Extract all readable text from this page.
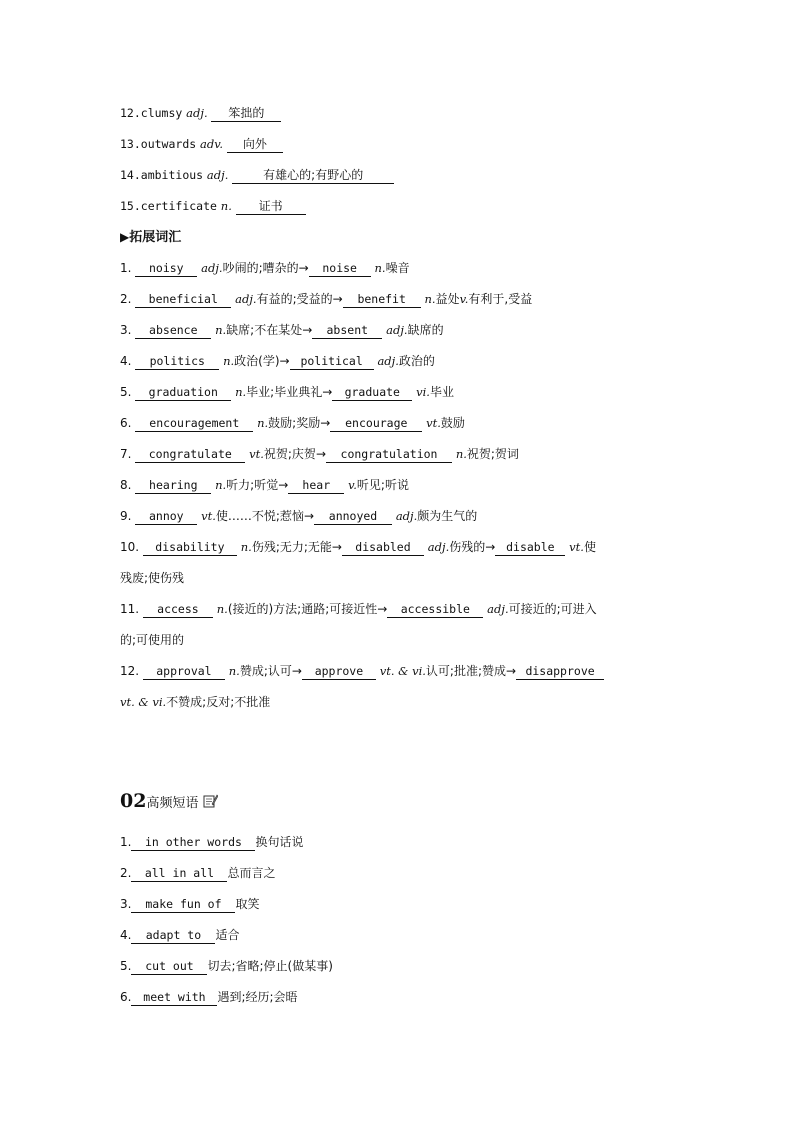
12.clumsy adj. 笨拙的
13.outwards adv. 向外
14.ambitious adj.	有雄心的;有野心的
15.certificate n. 证书
▶拓展词汇
1. noisy adj.吵闹的;嘈杂的→ noise n.噪音
2. beneficial adj.有益的;受益的→ benefit n.益处v.有利于,受益
3. absence n.缺席;不在某处→ absent adj.缺席的
4. politics n.政治(学)→ political adj.政治的
5. graduation n.毕业;毕业典礼→ graduate vi.毕业
6. encouragement n.鼓励;奖励→ encourage vt.鼓励
7. congratulate vt.祝贺;庆贺→ congratulation n.祝贺;贺词
8. hearing n.听力;听觉→ hear v.听见;听说
9. annoy vt.使……不悦;惹恼→ annoyed adj.颇为生气的
10. disability n.伤残;无力;无能→ disabled adj.伤残的→ disable vt.使
残废;使伤残
11. access n.(接近的)方法;通路;可接近性→ accessible adj.可接近的;可进入
的;可使用的
12. approval n.赞成;认可→ approve vt. & vi.认可;批准;赞成→ disapprove
vt. & vi.不赞成;反对;不批准
02高频短语
1. in other words 换句话说
2. all in all 总而言之
3. make fun of 取笑
4. adapt to 适合
5. cut out 切去;省略;停止(做某事)
6. meet with 遇到;经历;会晤
